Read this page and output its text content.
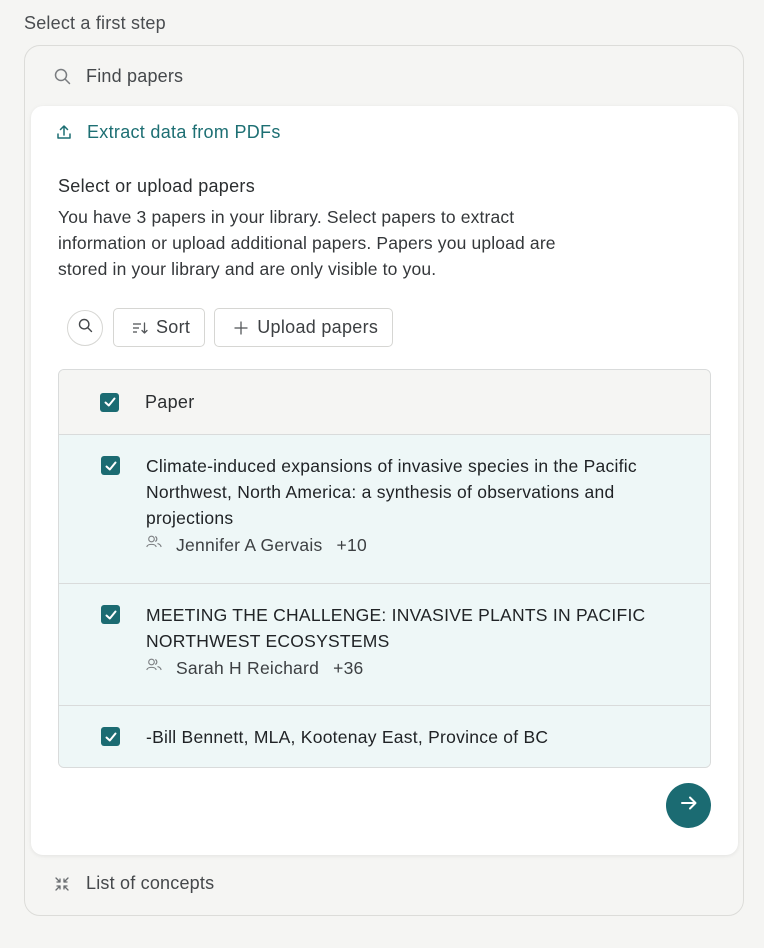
Select a first step
Find papers
Extract data from PDFs
Select or upload papers
You have 3 papers in your library. Select papers to extract information or upload additional papers. Papers you upload are stored in your library and are only visible to you.
Sort	Upload papers
Paper
Climate-induced expansions of invasive species in the Pacific Northwest, North America: a synthesis of observations and projections
Jennifer A Gervais +10
MEETING THE CHALLENGE: INVASIVE PLANTS IN PACIFIC NORTHWEST ECOSYSTEMS
Sarah H Reichard +36
-Bill Bennett, MLA, Kootenay East, Province of BC
List of concepts
